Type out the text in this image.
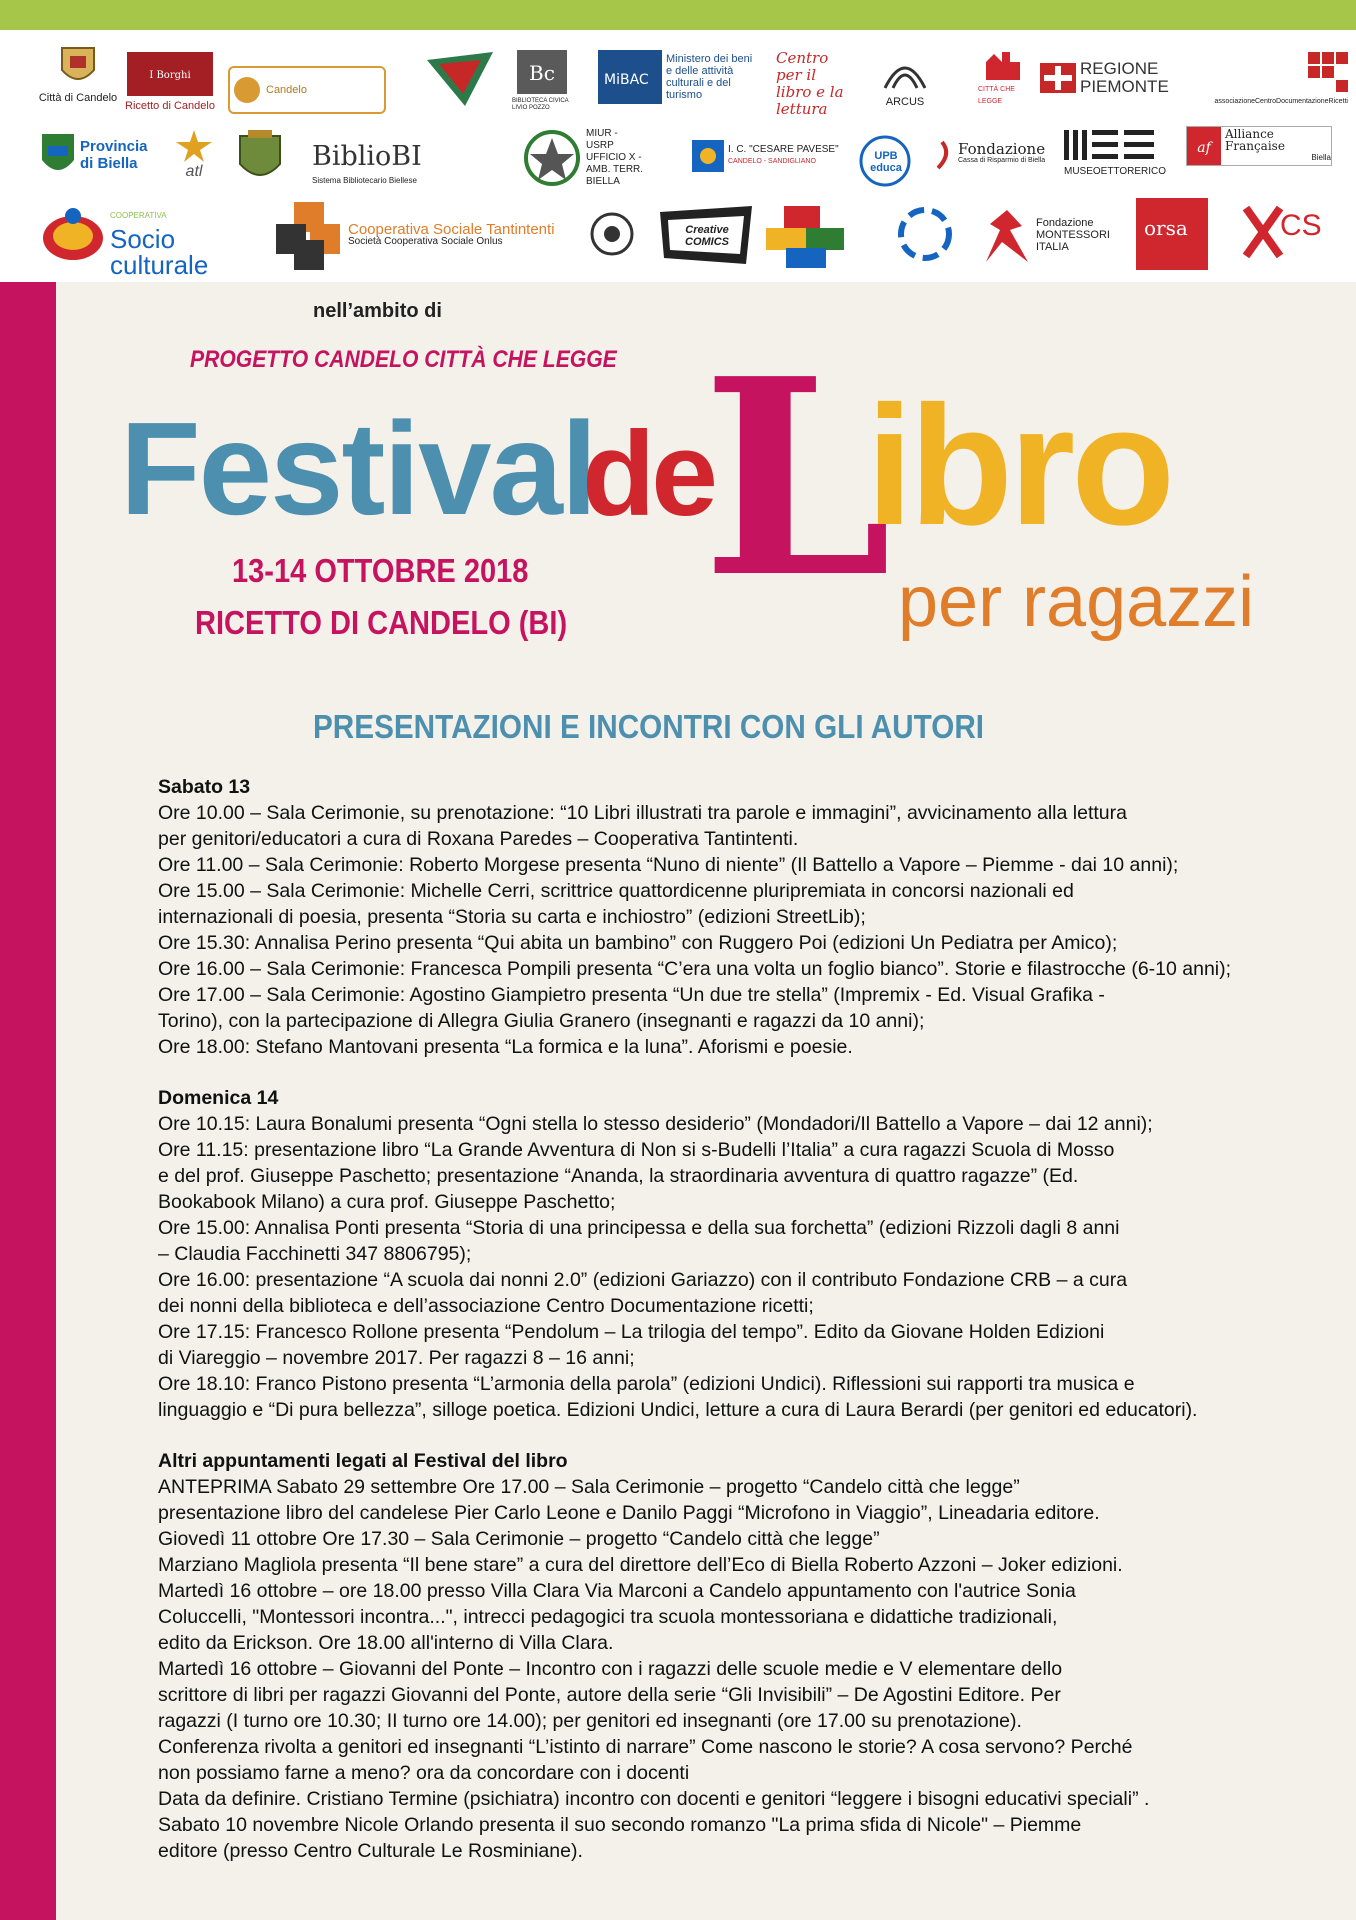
Città di Candelo
I Borghi
Ricetto di Candelo
Candelo
Bc
BIBLIOTECA CIVICA LIVIO POZZO
MiBAC
Ministero dei beni e delle attività culturali e del turismo
Centro per il libro e la lettura	ARCUS
CITTÀ CHE LEGGE
REGIONE PIEMONTE
associazioneCentroDocumentazioneRicetti
Provincia di Biella	atl	BiblioBI
Sistema Bibliotecario Biellese
MIUR - USRP UFFICIO X - AMB. TERR. BIELLA
I. C. "CESARE PAVESE"
CANDELO - SANDIGLIANO	UPB educa
Fondazione
Cassa di Risparmio di Biella
MUSEOETTORERICO
af
Alliance Française
Biella
COOPERATIVA
Socio culturale
Cooperativa Sociale Tantintenti
Società Cooperativa Sociale Onlus
Creative COMICS
Fondazione MONTESSORI ITALIA
orsa	CS
nell’ambito di
PROGETTO CANDELO CITTÀ CHE LEGGE
Festival
de
L
ibro
per ragazzi
13-14 OTTOBRE 2018
RICETTO DI CANDELO (BI)
PRESENTAZIONI E INCONTRI CON GLI AUTORI
Sabato 13
Ore 10.00 – Sala Cerimonie, su prenotazione: “10 Libri illustrati tra parole e immagini”, avvicinamento alla lettura
per genitori/educatori a cura di Roxana Paredes – Cooperativa Tantintenti.
Ore 11.00 – Sala Cerimonie: Roberto Morgese presenta “Nuno di niente” (Il Battello a Vapore – Piemme - dai 10 anni);
Ore 15.00 – Sala Cerimonie: Michelle Cerri, scrittrice quattordicenne pluripremiata in concorsi nazionali ed
internazionali di poesia, presenta “Storia su carta e inchiostro” (edizioni StreetLib);
Ore 15.30: Annalisa Perino presenta “Qui abita un bambino” con Ruggero Poi (edizioni Un Pediatra per Amico);
Ore 16.00 – Sala Cerimonie: Francesca Pompili presenta “C’era una volta un foglio bianco”. Storie e filastrocche (6-10 anni);
Ore 17.00 – Sala Cerimonie: Agostino Giampietro presenta “Un due tre stella” (Impremix - Ed. Visual Grafika -
Torino), con la partecipazione di Allegra Giulia Granero (insegnanti e ragazzi da 10 anni);
Ore 18.00: Stefano Mantovani presenta “La formica e la luna”. Aforismi e poesie.
Domenica 14
Ore 10.15: Laura Bonalumi presenta “Ogni stella lo stesso desiderio” (Mondadori/Il Battello a Vapore – dai 12 anni);
Ore 11.15: presentazione libro “La Grande Avventura di Non si s-Budelli l’Italia” a cura ragazzi Scuola di Mosso
e del prof. Giuseppe Paschetto; presentazione “Ananda, la straordinaria avventura di quattro ragazze” (Ed.
Bookabook Milano) a cura prof. Giuseppe Paschetto;
Ore 15.00: Annalisa Ponti presenta “Storia di una principessa e della sua forchetta” (edizioni Rizzoli dagli 8 anni
– Claudia Facchinetti 347 8806795);
Ore 16.00: presentazione “A scuola dai nonni 2.0” (edizioni Gariazzo) con il contributo Fondazione CRB – a cura
dei nonni della biblioteca e dell’associazione Centro Documentazione ricetti;
Ore 17.15: Francesco Rollone presenta “Pendolum – La trilogia del tempo”. Edito da Giovane Holden Edizioni
di Viareggio – novembre 2017. Per ragazzi 8 – 16 anni;
Ore 18.10: Franco Pistono presenta “L’armonia della parola” (edizioni Undici). Riflessioni sui rapporti tra musica e
linguaggio e “Di pura bellezza”, silloge poetica. Edizioni Undici, letture a cura di Laura Berardi (per genitori ed educatori).
Altri appuntamenti legati al Festival del libro
ANTEPRIMA Sabato 29 settembre Ore 17.00 – Sala Cerimonie – progetto “Candelo città che legge”
presentazione libro del candelese Pier Carlo Leone e Danilo Paggi “Microfono in Viaggio”, Lineadaria editore.
Giovedì 11 ottobre Ore 17.30 – Sala Cerimonie – progetto “Candelo città che legge”
Marziano Magliola presenta “Il bene stare” a cura del direttore dell’Eco di Biella Roberto Azzoni – Joker edizioni.
Martedì 16 ottobre – ore 18.00 presso Villa Clara Via Marconi a Candelo appuntamento con l'autrice Sonia
Coluccelli, "Montessori incontra...", intrecci pedagogici tra scuola montessoriana e didattiche tradizionali,
edito da Erickson. Ore 18.00 all'interno di Villa Clara.
Martedì 16 ottobre – Giovanni del Ponte – Incontro con i ragazzi delle scuole medie e V elementare dello
scrittore di libri per ragazzi Giovanni del Ponte, autore della serie “Gli Invisibili” – De Agostini Editore. Per
ragazzi (I turno ore 10.30; II turno ore 14.00); per genitori ed insegnanti (ore 17.00 su prenotazione).
Conferenza rivolta a genitori ed insegnanti “L’istinto di narrare” Come nascono le storie? A cosa servono? Perché
non possiamo farne a meno? ora da concordare con i docenti
Data da definire. Cristiano Termine (psichiatra) incontro con docenti e genitori “leggere i bisogni educativi speciali” .
Sabato 10 novembre Nicole Orlando presenta il suo secondo romanzo "La prima sfida di Nicole" – Piemme
editore (presso Centro Culturale Le Rosminiane).
